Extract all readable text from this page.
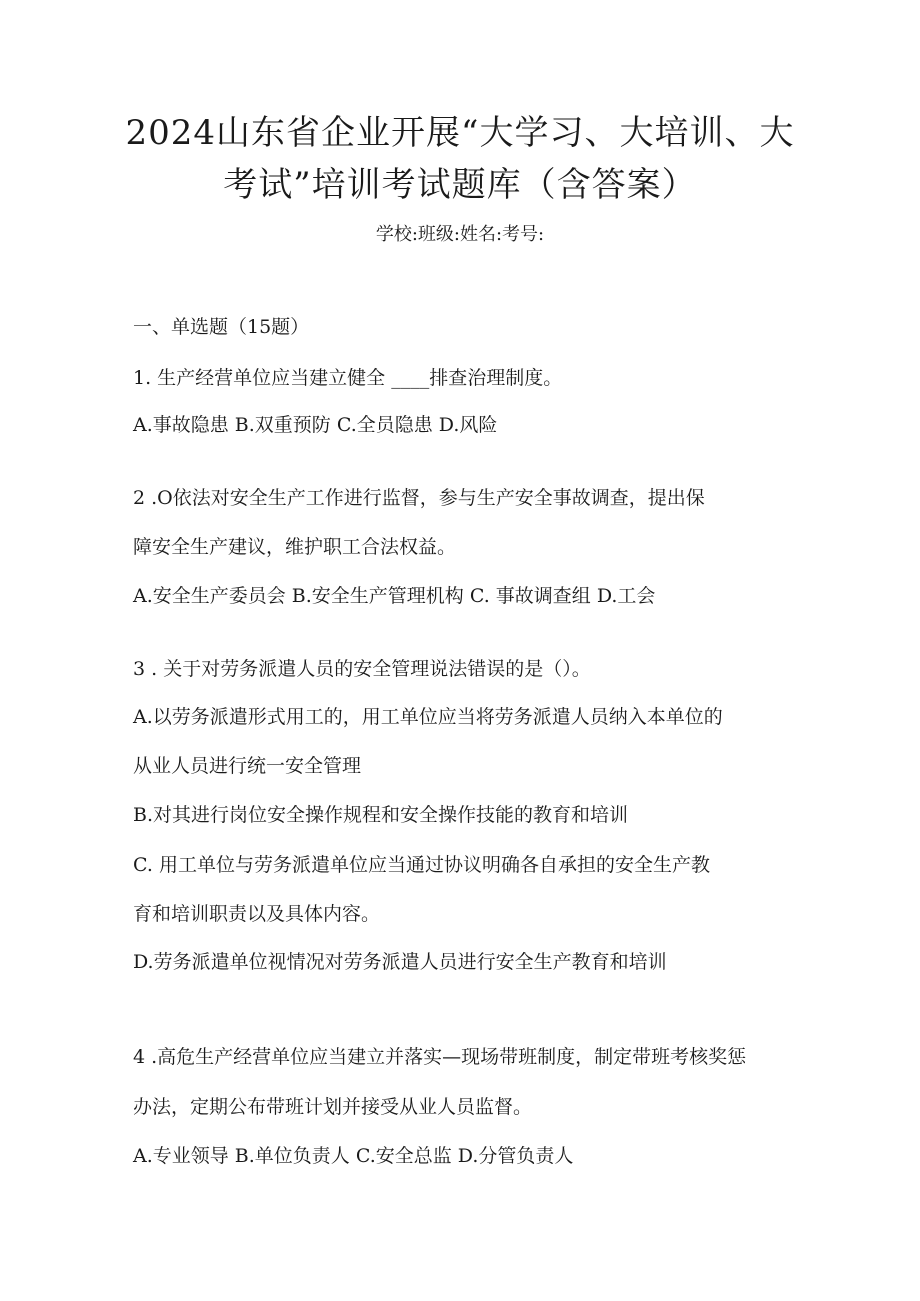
2024山东省企业开展“大学习、大培训、大
考试”培训考试题库（含答案）
学校:班级:姓名:考号:
一、单选题（15题）
1. 生产经营单位应当建立健全 ____排查治理制度。
A.事故隐患 B.双重预防 C.全员隐患 D.风险
2 .O依法对安全生产工作进行监督，参与生产安全事故调查，提出保
障安全生产建议，维护职工合法权益。
A.安全生产委员会 B.安全生产管理机构 C. 事故调查组 D.工会
3 . 关于对劳务派遣人员的安全管理说法错误的是（）。
A.以劳务派遣形式用工的，用工单位应当将劳务派遣人员纳入本单位的
从业人员进行统一安全管理
B.对其进行岗位安全操作规程和安全操作技能的教育和培训
C. 用工单位与劳务派遣单位应当通过协议明确各自承担的安全生产教
育和培训职责以及具体内容。
D.劳务派遣单位视情况对劳务派遣人员进行安全生产教育和培训
4 .高危生产经营单位应当建立并落实—现场带班制度，制定带班考核奖惩
办法，定期公布带班计划并接受从业人员监督。
A.专业领导 B.单位负责人 C.安全总监 D.分管负责人
